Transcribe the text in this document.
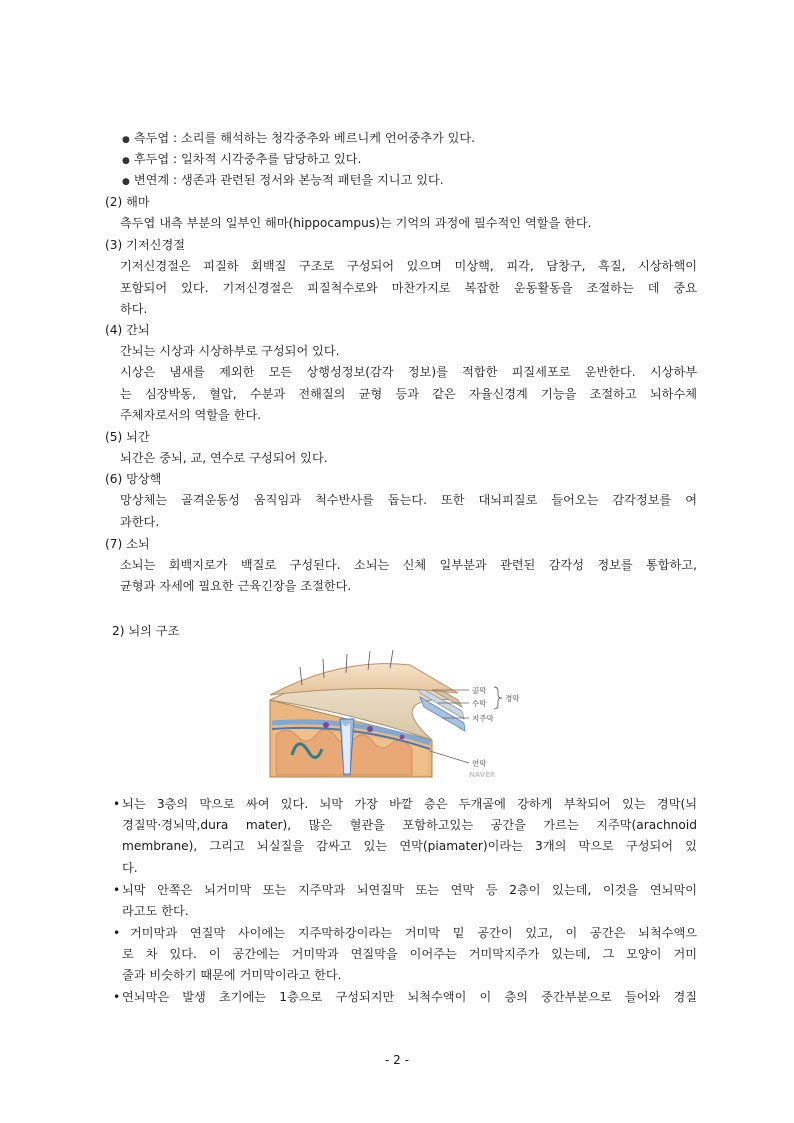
● 측두엽 : 소리를 해석하는 청각중추와 베르니케 언어중추가 있다.
● 후두엽 : 일차적 시각중추를 담당하고 있다.
● 변연계 : 생존과 관련된 정서와 본능적 패턴을 지니고 있다.
(2) 해마
측두엽 내측 부분의 일부인 해마(hippocampus)는 기억의 과정에 필수적인 역할을 한다.
(3) 기저신경절
기저신경절은 피질하 회백질 구조로 구성되어 있으며 미상핵, 피각, 담창구, 흑질, 시상하핵이
포함되어 있다. 기저신경절은 피질척수로와 마찬가지로 복잡한 운동활동을 조절하는 데 중요
하다.
(4) 간뇌
간뇌는 시상과 시상하부로 구성되어 있다.
시상은 냄새를 제외한 모든 상행성정보(감각 정보)를 적합한 피질세포로 운반한다. 시상하부
는 심장박동, 혈압, 수분과 전해질의 균형 등과 같은 자율신경계 기능을 조절하고 뇌하수체
주체자로서의 역할을 한다.
(5) 뇌간
뇌간은 중뇌, 교, 연수로 구성되어 있다.
(6) 망상핵
망상체는 골격운동성 움직임과 척수반사를 돕는다. 또한 대뇌피질로 들어오는 감각정보를 여
과한다.
(7) 소뇌
소뇌는 회백지로가 백질로 구성된다. 소뇌는 신체 일부분과 관련된 감각성 정보를 통합하고,
균형과 자세에 필요한 근육긴장을 조절한다.
2) 뇌의 구조
골막
수막
경막
지주막
연막
NAVER
• 뇌는 3층의 막으로 싸여 있다. 뇌막 가장 바깥 층은 두개골에 강하게 부착되어 있는 경막(뇌
경질막·경뇌막,dura mater), 많은 혈관을 포함하고있는 공간을 가르는 지주막(arachnoid
membrane), 그리고 뇌실질을 감싸고 있는 연막(piamater)이라는 3개의 막으로 구성되어 있
다.
• 뇌막 안쪽은 뇌거미막 또는 지주막과 뇌연질막 또는 연막 등 2층이 있는데, 이것을 연뇌막이
라고도 한다.
• 거미막과 연질막 사이에는 지주막하강이라는 거미막 밑 공간이 있고, 이 공간은 뇌척수액으
로 차 있다. 이 공간에는 거미막과 연질막을 이어주는 거미막지주가 있는데, 그 모양이 거미
줄과 비슷하기 때문에 거미막이라고 한다.
• 연뇌막은 발생 초기에는 1층으로 구성되지만 뇌척수액이 이 층의 중간부분으로 들어와 경질
- 2 -
